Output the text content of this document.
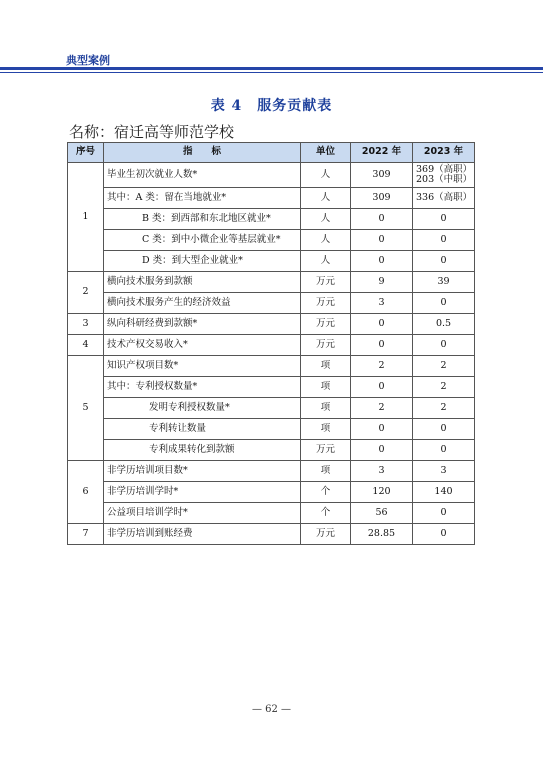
典型案例
表 4　服务贡献表
名称：宿迁高等师范学校
序号	指　　标	单位	2022 年	2023 年
1	毕业生初次就业人数*	人	309	369（高职）
203（中职）

	其中：A 类：留在当地就业*	人	309	336（高职）
	B 类：到西部和东北地区就业*	人	0	0
	C 类：到中小微企业等基层就业*	人	0	0
	D 类：到大型企业就业*	人	0	0
2	横向技术服务到款额	万元	9	39
	横向技术服务产生的经济效益	万元	3	0
3	纵向科研经费到款额*	万元	0	0.5
4	技术产权交易收入*	万元	0	0
5	知识产权项目数*	项	2	2
	其中：专利授权数量*	项	0	2
	发明专利授权数量*	项	2	2
	专利转让数量	项	0	0
	专利成果转化到款额	万元	0	0
6	非学历培训项目数*	项	3	3
	非学历培训学时*	个	120	140
	公益项目培训学时*	个	56	0
7	非学历培训到账经费	万元	28.85	0
— 62 —
